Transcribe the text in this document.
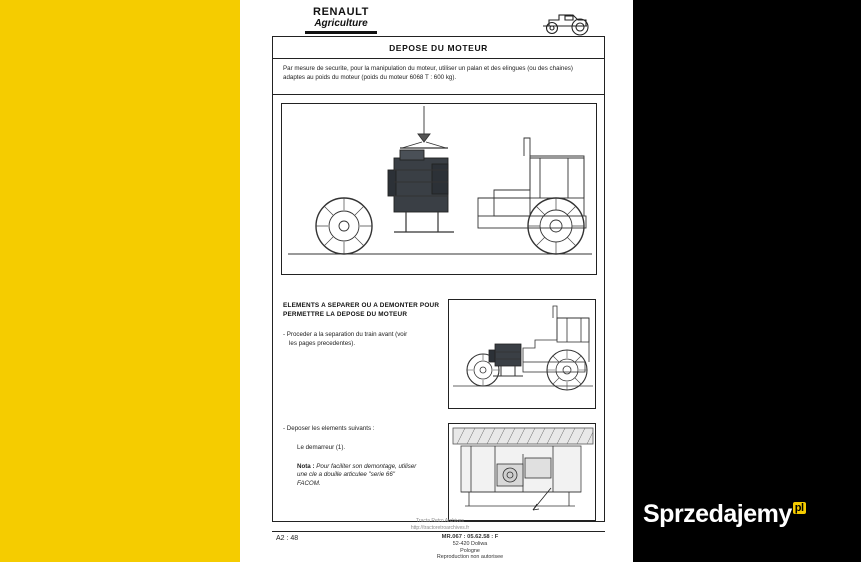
Sprzedajemy pl
RENAULT
Agriculture
DEPOSE DU MOTEUR

Par mesure de securite, pour la manipulation du moteur, utiliser un palan et des elingues (ou des chaines) adaptes au poids du moteur (poids du moteur 6068 T : 600 kg).

ELEMENTS A SEPARER OU A DEMONTER POUR
PERMETTRE LA DEPOSE DU MOTEUR
- Proceder a la separation du train avant (voir
les pages precedentes).
- Deposer les elements suivants :
Le demarreur (1).
Nota : Pour faciliter son demontage, utiliser
une cle a douille articulee "serie 66"
FACOM.
Tracta Retro Archives
http://tractoretroarchives.fr
A2 : 48	MR.067 : 05.62.58 : F
52-420 Doliwa
Pologne
Reproduction non autorisee
